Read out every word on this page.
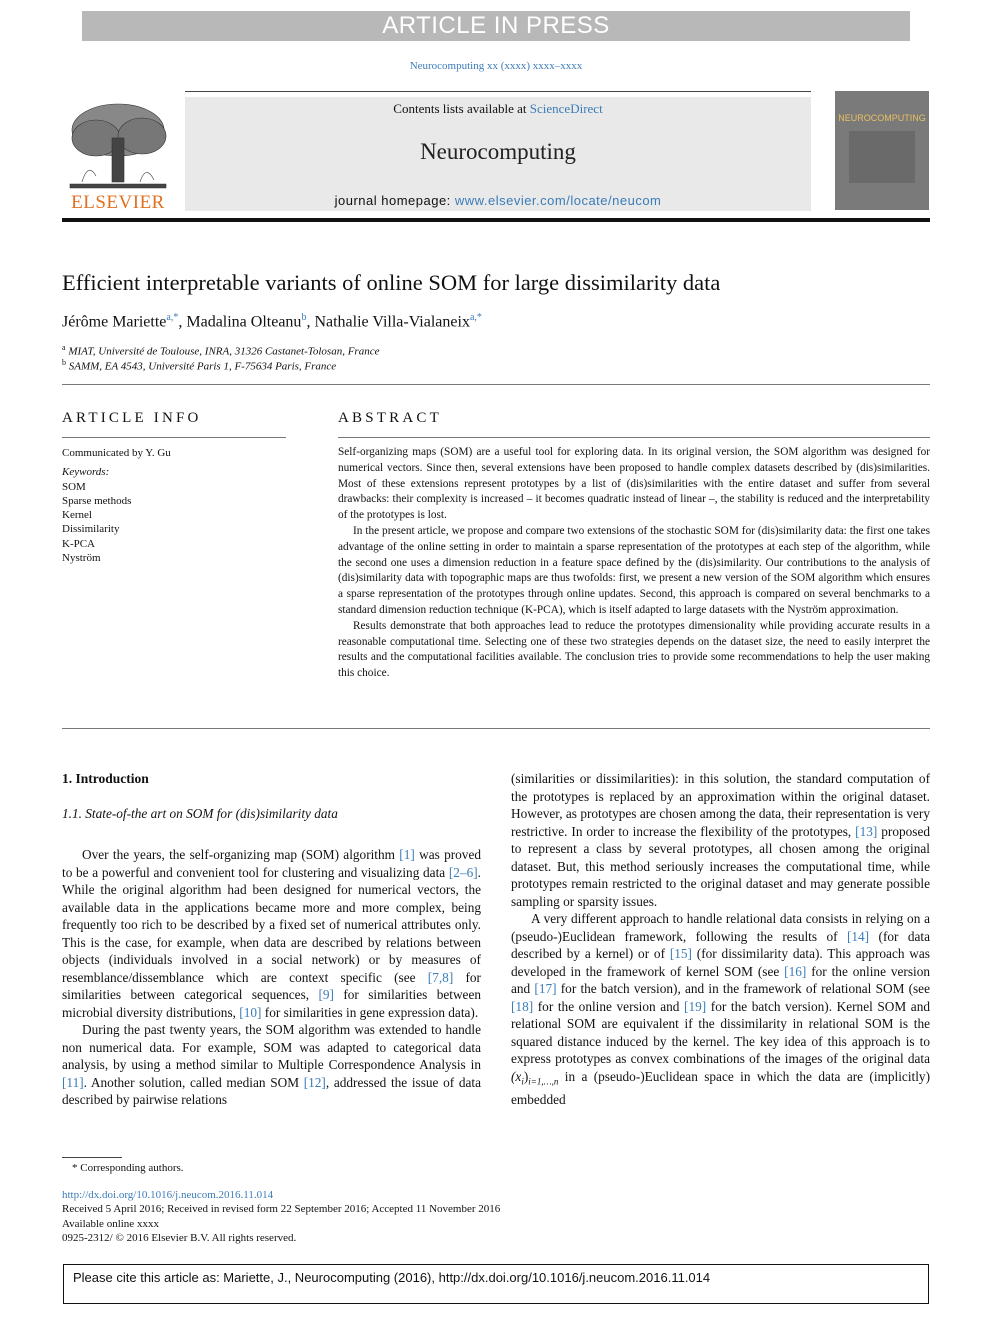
ARTICLE IN PRESS
Neurocomputing xx (xxxx) xxxx–xxxx
ELSEVIER
Contents lists available at ScienceDirect
Neurocomputing
journal homepage: www.elsevier.com/locate/neucom
NEUROCOMPUTING
Efficient interpretable variants of online SOM for large dissimilarity data
Jérôme Mariette$^{a,*}$, Madalina Olteanu$^b$, Nathalie Villa-Vialaneix$^{a,*}$
$^a$ MIAT, Université de Toulouse, INRA, 31326 Castanet-Tolosan, France
$^b$ SAMM, EA 4543, Université Paris 1, F-75634 Paris, France
ARTICLE INFO	ABSTRACT
Communicated by Y. Gu
Keywords:
SOM
Sparse methods
Kernel
Dissimilarity
K-PCA
Nyström

Self-organizing maps (SOM) are a useful tool for exploring data. In its original version, the SOM algorithm was designed for numerical vectors. Since then, several extensions have been proposed to handle complex datasets described by (dis)similarities. Most of these extensions represent prototypes by a list of (dis)similarities with the entire dataset and suffer from several drawbacks: their complexity is increased – it becomes quadratic instead of linear –, the stability is reduced and the interpretability of the prototypes is lost.

In the present article, we propose and compare two extensions of the stochastic SOM for (dis)similarity data: the first one takes advantage of the online setting in order to maintain a sparse representation of the prototypes at each step of the algorithm, while the second one uses a dimension reduction in a feature space defined by the (dis)similarity. Our contributions to the analysis of (dis)similarity data with topographic maps are thus twofolds: first, we present a new version of the SOM algorithm which ensures a sparse representation of the prototypes through online updates. Second, this approach is compared on several benchmarks to a standard dimension reduction technique (K-PCA), which is itself adapted to large datasets with the Nyström approximation.

Results demonstrate that both approaches lead to reduce the prototypes dimensionality while providing accurate results in a reasonable computational time. Selecting one of these two strategies depends on the dataset size, the need to easily interpret the results and the computational facilities available. The conclusion tries to provide some recommendations to help the user making this choice.

1. Introduction

1.1. State-of-the art on SOM for (dis)similarity data

Over the years, the self-organizing map (SOM) algorithm [1] was proved to be a powerful and convenient tool for clustering and visualizing data [2–6]. While the original algorithm had been designed for numerical vectors, the available data in the applications became more and more complex, being frequently too rich to be described by a fixed set of numerical attributes only. This is the case, for example, when data are described by relations between objects (individuals involved in a social network) or by measures of resemblance/dissemblance which are context specific (see [7,8] for similarities between categorical sequences, [9] for similarities between microbial diversity distributions, [10] for similarities in gene expression data).

During the past twenty years, the SOM algorithm was extended to handle non numerical data. For example, SOM was adapted to categorical data analysis, by using a method similar to Multiple Correspondence Analysis in [11]. Another solution, called median SOM [12], addressed the issue of data described by pairwise relations

(similarities or dissimilarities): in this solution, the standard computation of the prototypes is replaced by an approximation within the original dataset. However, as prototypes are chosen among the data, their representation is very restrictive. In order to increase the flexibility of the prototypes, [13] proposed to represent a class by several prototypes, all chosen among the original dataset. But, this method seriously increases the computational time, while prototypes remain restricted to the original dataset and may generate possible sampling or sparsity issues.

A very different approach to handle relational data consists in relying on a (pseudo-)Euclidean framework, following the results of [14] (for data described by a kernel) or of [15] (for dissimilarity data). This approach was developed in the framework of kernel SOM (see [16] for the online version and [17] for the batch version), and in the framework of relational SOM (see [18] for the online version and [19] for the batch version). Kernel SOM and relational SOM are equivalent if the dissimilarity in relational SOM is the squared distance induced by the kernel. The key idea of this approach is to express prototypes as convex combinations of the images of the original data $(x_i)_{i=1,\dots,n}$ in a (pseudo-)Euclidean space in which the data are (implicitly) embedded

* Corresponding authors.
http://dx.doi.org/10.1016/j.neucom.2016.11.014
Received 5 April 2016; Received in revised form 22 September 2016; Accepted 11 November 2016
Available online xxxx
0925-2312/ © 2016 Elsevier B.V. All rights reserved.
Please cite this article as: Mariette, J., Neurocomputing (2016), http://dx.doi.org/10.1016/j.neucom.2016.11.014
